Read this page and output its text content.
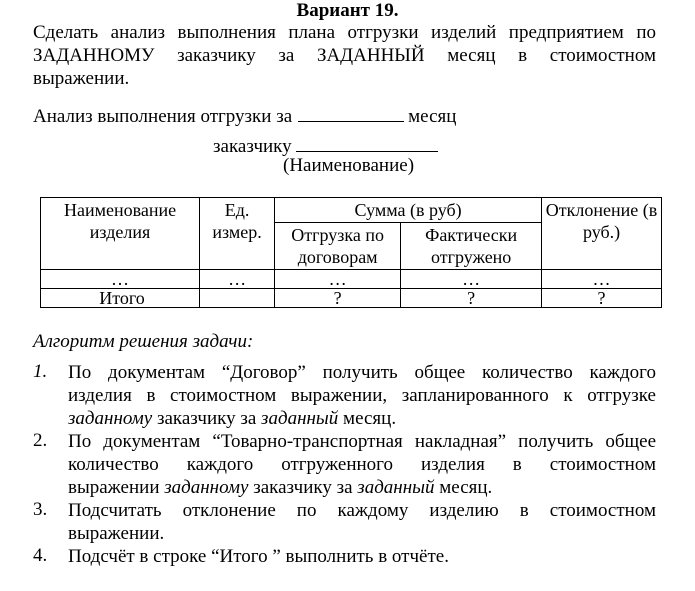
Вариант 19.
Сделать анализ выполнения плана отгрузки изделий предприятием по
ЗАДАННОМУ заказчику за ЗАДАННЫЙ месяц в стоимостном
выражении.
Анализ выполнения отгрузки за	месяц
заказчику
(Наименование)
Наименование изделия	Ед. измер.	Сумма (в руб)		Отклонение (в руб.)
		Отгрузка по договорам	Фактически отгружено	
…	…	…	…	…
Итого		?	?	?
Алгоритм решения задачи:
1. По документам “Договор” получить общее количество каждого
изделия в стоимостном выражении, запланированного к отгрузке
заданному заказчику за заданный месяц.
2. По документам “Товарно-транспортная накладная” получить общее
количество каждого отгруженного изделия в стоимостном
выражении заданному заказчику за заданный месяц.
3. Подсчитать отклонение по каждому изделию в стоимостном
выражении.
4. Подсчёт в строке “Итого ” выполнить в отчёте.
